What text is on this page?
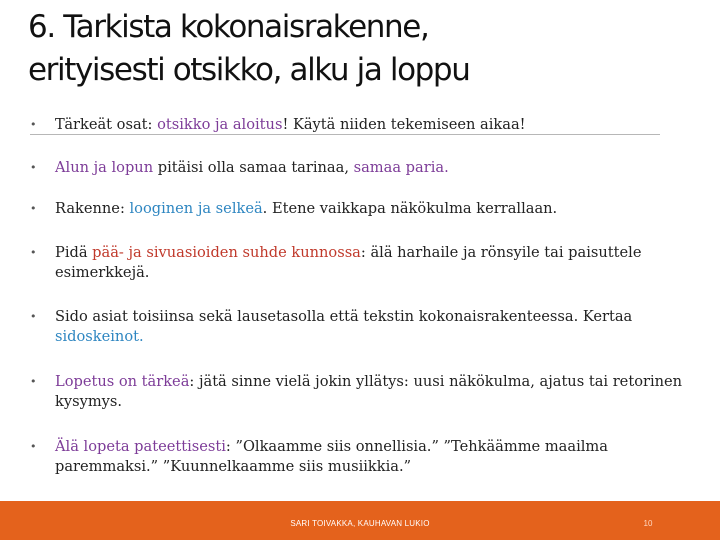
6. Tarkista kokonaisrakenne,
erityisesti otsikko, alku ja loppu
•	Tärkeät osat: otsikko ja aloitus! Käytä niiden tekemiseen aikaa!
•	Alun ja lopun pitäisi olla samaa tarinaa, samaa paria.
•	Rakenne: looginen ja selkeä. Etene vaikkapa näkökulma kerrallaan.
•	Pidä pää- ja sivuasioiden suhde kunnossa: älä harhaile ja rönsyile tai paisuttele esimerkkejä.
•	Sido asiat toisiinsa sekä lausetasolla että tekstin kokonaisrakenteessa. Kertaa sidoskeinot.
•	Lopetus on tärkeä: jätä sinne vielä jokin yllätys: uusi näkökulma, ajatus tai retorinen kysymys.
•	Älä lopeta pateettisesti: ”Olkaamme siis onnellisia.” ”Tehkäämme maailma paremmaksi.” ”Kuunnelkaamme siis musiikkia.”
SARI TOIVAKKA, KAUHAVAN LUKIO	10
